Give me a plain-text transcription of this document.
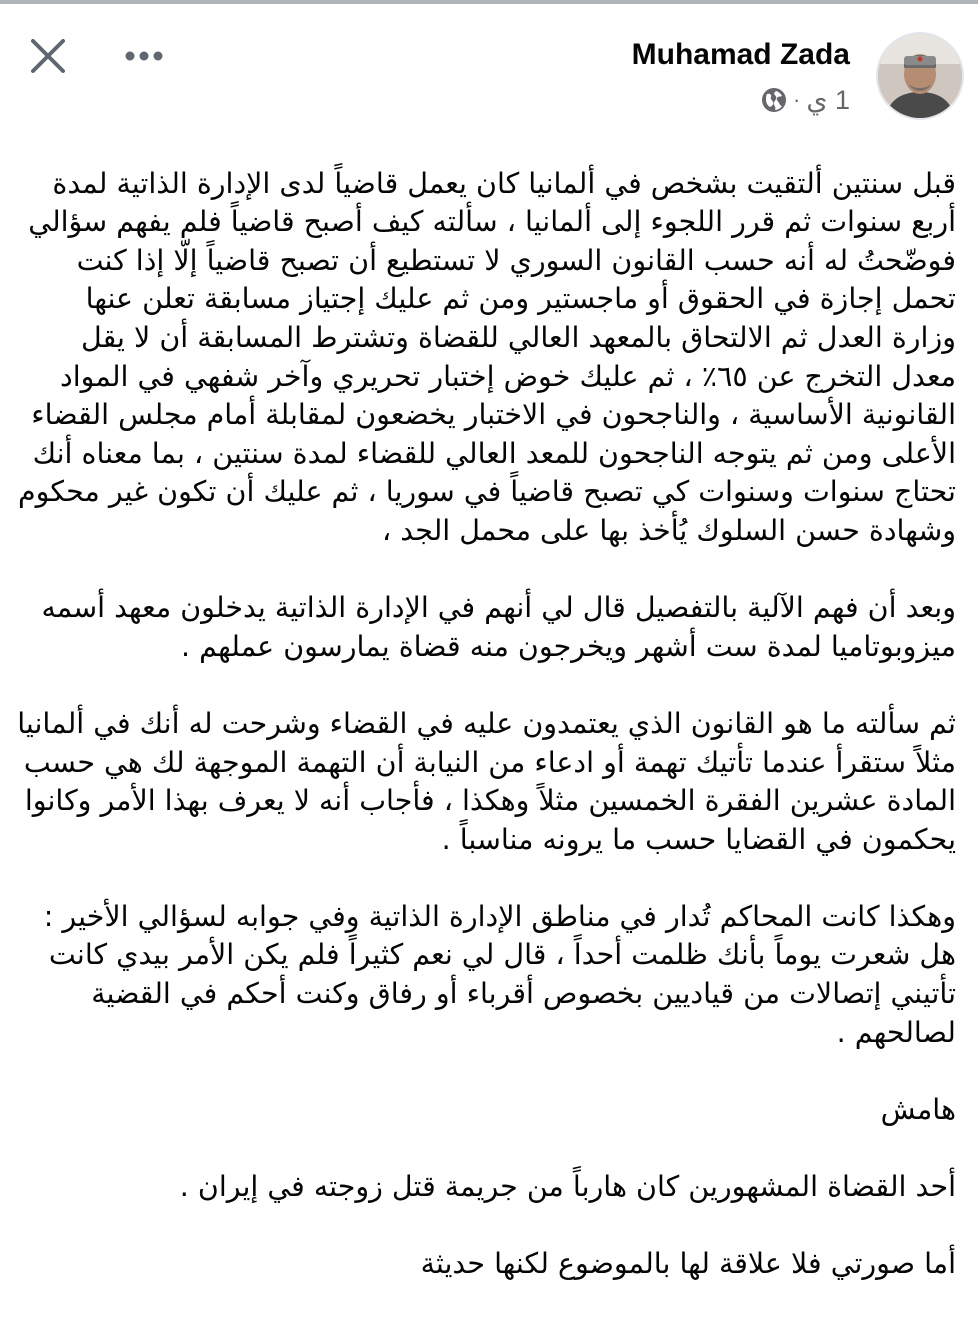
Muhamad Zada
· 1 ي

قبل سنتين ألتقيت بشخص في ألمانيا كان يعمل قاضياً لدى الإدارة الذاتية لمدة أربع سنوات ثم قرر اللجوء إلى ألمانيا ، سألته كيف أصبح قاضياً فلم يفهم سؤالي فوضّحتُ له أنه حسب القانون السوري لا تستطيع أن تصبح قاضياً إلّا إذا كنت تحمل إجازة في الحقوق أو ماجستير ومن ثم عليك إجتياز مسابقة تعلن عنها وزارة العدل ثم الالتحاق بالمعهد العالي للقضاة وتشترط المسابقة أن لا يقل معدل التخرج عن ٦٥٪ ، ثم عليك خوض إختبار تحريري وآخر شفهي في المواد القانونية الأساسية ، والناجحون في الاختبار يخضعون لمقابلة أمام مجلس القضاء الأعلى ومن ثم يتوجه الناجحون للمعد العالي للقضاء لمدة سنتين ، بما معناه أنك تحتاج سنوات وسنوات كي تصبح قاضياً في سوريا ، ثم عليك أن تكون غير محكوم وشهادة حسن السلوك يُأخذ بها على محمل الجد ،

وبعد أن فهم الآلية بالتفصيل قال لي أنهم في الإدارة الذاتية يدخلون معهد أسمه ميزوبوتاميا لمدة ست أشهر ويخرجون منه قضاة يمارسون عملهم .

ثم سألته ما هو القانون الذي يعتمدون عليه في القضاء وشرحت له أنك في ألمانيا مثلاً ستقرأ عندما تأتيك تهمة أو ادعاء من النيابة أن التهمة الموجهة لك هي حسب المادة عشرين الفقرة الخمسين مثلاً وهكذا ، فأجاب أنه لا يعرف بهذا الأمر وكانوا يحكمون في القضايا حسب ما يرونه مناسباً .

وهكذا كانت المحاكم تُدار في مناطق الإدارة الذاتية وفي جوابه لسؤالي الأخير : هل شعرت يوماً بأنك ظلمت أحداً ، قال لي نعم كثيراً فلم يكن الأمر بيدي كانت تأتيني إتصالات من قياديين بخصوص أقرباء أو رفاق وكنت أحكم في القضية لصالحهم .

هامش

أحد القضاة المشهورين كان هارباً من جريمة قتل زوجته في إيران .

أما صورتي فلا علاقة لها بالموضوع لكنها حديثة
